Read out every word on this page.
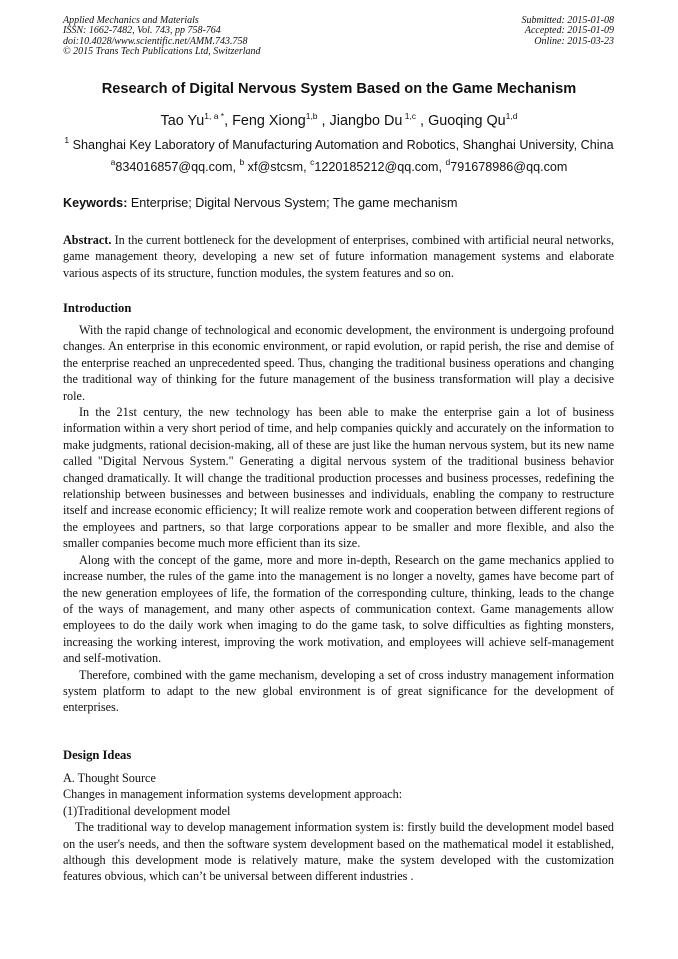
Applied Mechanics and Materials
ISSN: 1662-7482, Vol. 743, pp 758-764
doi:10.4028/www.scientific.net/AMM.743.758
© 2015 Trans Tech Publications Ltd, Switzerland
Submitted: 2015-01-08
Accepted: 2015-01-09
Online: 2015-03-23
Research of Digital Nervous System Based on the Game Mechanism
Tao $Yu^{1, a *}$, Feng Xiong$^{1,b}$ , Jiangbo Du $^{1,c}$ , Guoqing Qu$^{1,d}$
$^1$ Shanghai Key Laboratory of Manufacturing Automation and Robotics, Shanghai University, China
$^a$834016857@qq.com, $^b$ xf@stcsm, $^c$1220185212@qq.com, $^d$791678986@qq.com
Keywords: Enterprise; Digital Nervous System; The game mechanism

Abstract. In the current bottleneck for the development of enterprises, combined with artificial neural networks, game management theory, developing a new set of future information management systems and elaborate various aspects of its structure, function modules, the system features and so on.

Introduction

With the rapid change of technological and economic development, the environment is undergoing profound changes. An enterprise in this economic environment, or rapid evolution, or rapid perish, the rise and demise of the enterprise reached an unprecedented speed. Thus, changing the traditional business operations and changing the traditional way of thinking for the future management of the business transformation will play a decisive role.

In the 21st century, the new technology has been able to make the enterprise gain a lot of business information within a very short period of time, and help companies quickly and accurately on the information to make judgments, rational decision-making, all of these are just like the human nervous system, but its new name called "Digital Nervous System." Generating a digital nervous system of the traditional business behavior changed dramatically. It will change the traditional production processes and business processes, redefining the relationship between businesses and between businesses and individuals, enabling the company to restructure itself and increase economic efficiency; It will realize remote work and cooperation between different regions of the employees and partners, so that large corporations appear to be smaller and more flexible, and also the smaller companies become much more efficient than its size.

Along with the concept of the game, more and more in-depth, Research on the game mechanics applied to increase number, the rules of the game into the management is no longer a novelty, games have become part of the new generation employees of life, the formation of the corresponding culture, thinking, leads to the change of the ways of management, and many other aspects of communication context. Game managements allow employees to do the daily work when imaging to do the game task, to solve difficulties as fighting monsters, increasing the working interest, improving the work motivation, and employees will achieve self-management and self-motivation.

Therefore, combined with the game mechanism, developing a set of cross industry management information system platform to adapt to the new global environment is of great significance for the development of enterprises.

Design Ideas

A. Thought Source

Changes in management information systems development approach:

(1)Traditional development model

The traditional way to develop management information system is: firstly build the development model based on the user's needs, and then the software system development based on the mathematical model it established, although this development mode is relatively mature, make the system developed with the customization features obvious, which can’t be universal between different industries .
